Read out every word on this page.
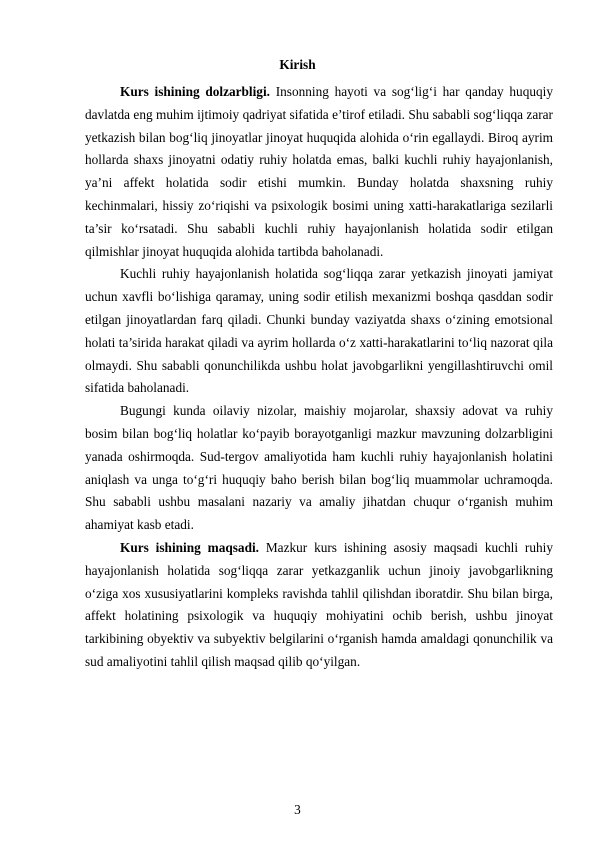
Kirish

Kurs ishining dolzarbligi. Insonning hayoti va sog‘lig‘i har qanday huquqiy davlatda eng muhim ijtimoiy qadriyat sifatida e’tirof etiladi. Shu sababli sog‘liqqa zarar yetkazish bilan bog‘liq jinoyatlar jinoyat huquqida alohida o‘rin egallaydi. Biroq ayrim hollarda shaxs jinoyatni odatiy ruhiy holatda emas, balki kuchli ruhiy hayajonlanish, ya’ni affekt holatida sodir etishi mumkin. Bunday holatda shaxsning ruhiy kechinmalari, hissiy zo‘riqishi va psixologik bosimi uning xatti-harakatlariga sezilarli ta’sir ko‘rsatadi. Shu sababli kuchli ruhiy hayajonlanish holatida sodir etilgan qilmishlar jinoyat huquqida alohida tartibda baholanadi.

Kuchli ruhiy hayajonlanish holatida sog‘liqqa zarar yetkazish jinoyati jamiyat uchun xavfli bo‘lishiga qaramay, uning sodir etilish mexanizmi boshqa qasddan sodir etilgan jinoyatlardan farq qiladi. Chunki bunday vaziyatda shaxs o‘zining emotsional holati ta’sirida harakat qiladi va ayrim hollarda o‘z xatti-harakatlarini to‘liq nazorat qila olmaydi. Shu sababli qonunchilikda ushbu holat javobgarlikni yengillashtiruvchi omil sifatida baholanadi.

Bugungi kunda oilaviy nizolar, maishiy mojarolar, shaxsiy adovat va ruhiy bosim bilan bog‘liq holatlar ko‘payib borayotganligi mazkur mavzuning dolzarbligini yanada oshirmoqda. Sud-tergov amaliyotida ham kuchli ruhiy hayajonlanish holatini aniqlash va unga to‘g‘ri huquqiy baho berish bilan bog‘liq muammolar uchramoqda. Shu sababli ushbu masalani nazariy va amaliy jihatdan chuqur o‘rganish muhim ahamiyat kasb etadi.

Kurs ishining maqsadi. Mazkur kurs ishining asosiy maqsadi kuchli ruhiy hayajonlanish holatida sog‘liqqa zarar yetkazganlik uchun jinoiy javobgarlikning o‘ziga xos xususiyatlarini kompleks ravishda tahlil qilishdan iboratdir. Shu bilan birga, affekt holatining psixologik va huquqiy mohiyatini ochib berish, ushbu jinoyat tarkibining obyektiv va subyektiv belgilarini o‘rganish hamda amaldagi qonunchilik va sud amaliyotini tahlil qilish maqsad qilib qo‘yilgan.

3
